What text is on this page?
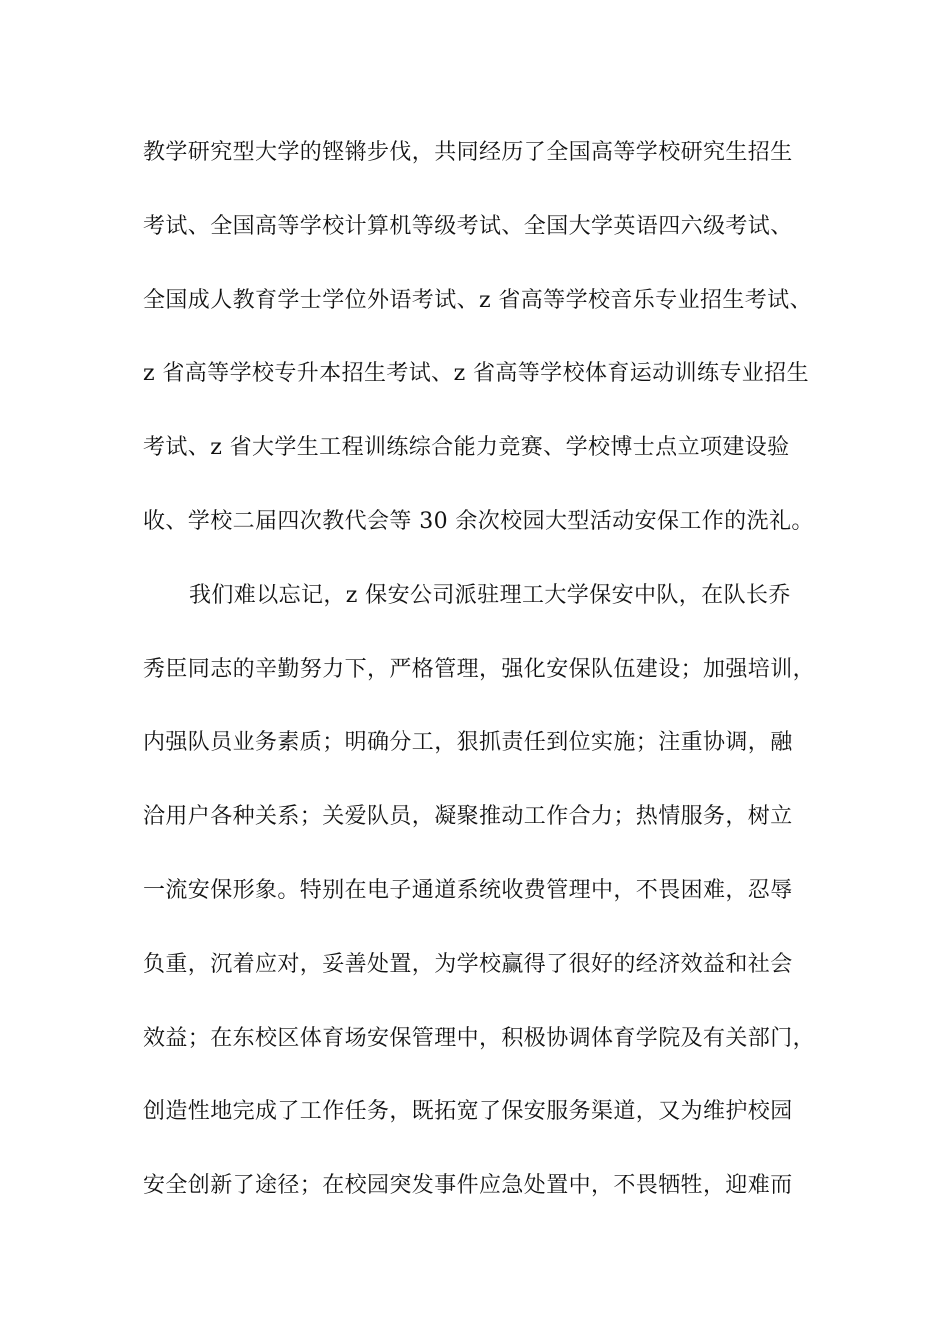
教学研究型大学的铿锵步伐，共同经历了全国高等学校研究生招生
考试、全国高等学校计算机等级考试、全国大学英语四六级考试、
全国成人教育学士学位外语考试、z 省高等学校音乐专业招生考试、
z 省高等学校专升本招生考试、z 省高等学校体育运动训练专业招生
考试、z 省大学生工程训练综合能力竞赛、学校博士点立项建设验
收、学校二届四次教代会等 30 余次校园大型活动安保工作的洗礼。
我们难以忘记，z 保安公司派驻理工大学保安中队，在队长乔
秀臣同志的辛勤努力下，严格管理，强化安保队伍建设；加强培训，
内强队员业务素质；明确分工，狠抓责任到位实施；注重协调，融
洽用户各种关系；关爱队员，凝聚推动工作合力；热情服务，树立
一流安保形象。特别在电子通道系统收费管理中，不畏困难，忍辱
负重，沉着应对，妥善处置，为学校赢得了很好的经济效益和社会
效益；在东校区体育场安保管理中，积极协调体育学院及有关部门，
创造性地完成了工作任务，既拓宽了保安服务渠道，又为维护校园
安全创新了途径；在校园突发事件应急处置中，不畏牺牲，迎难而
